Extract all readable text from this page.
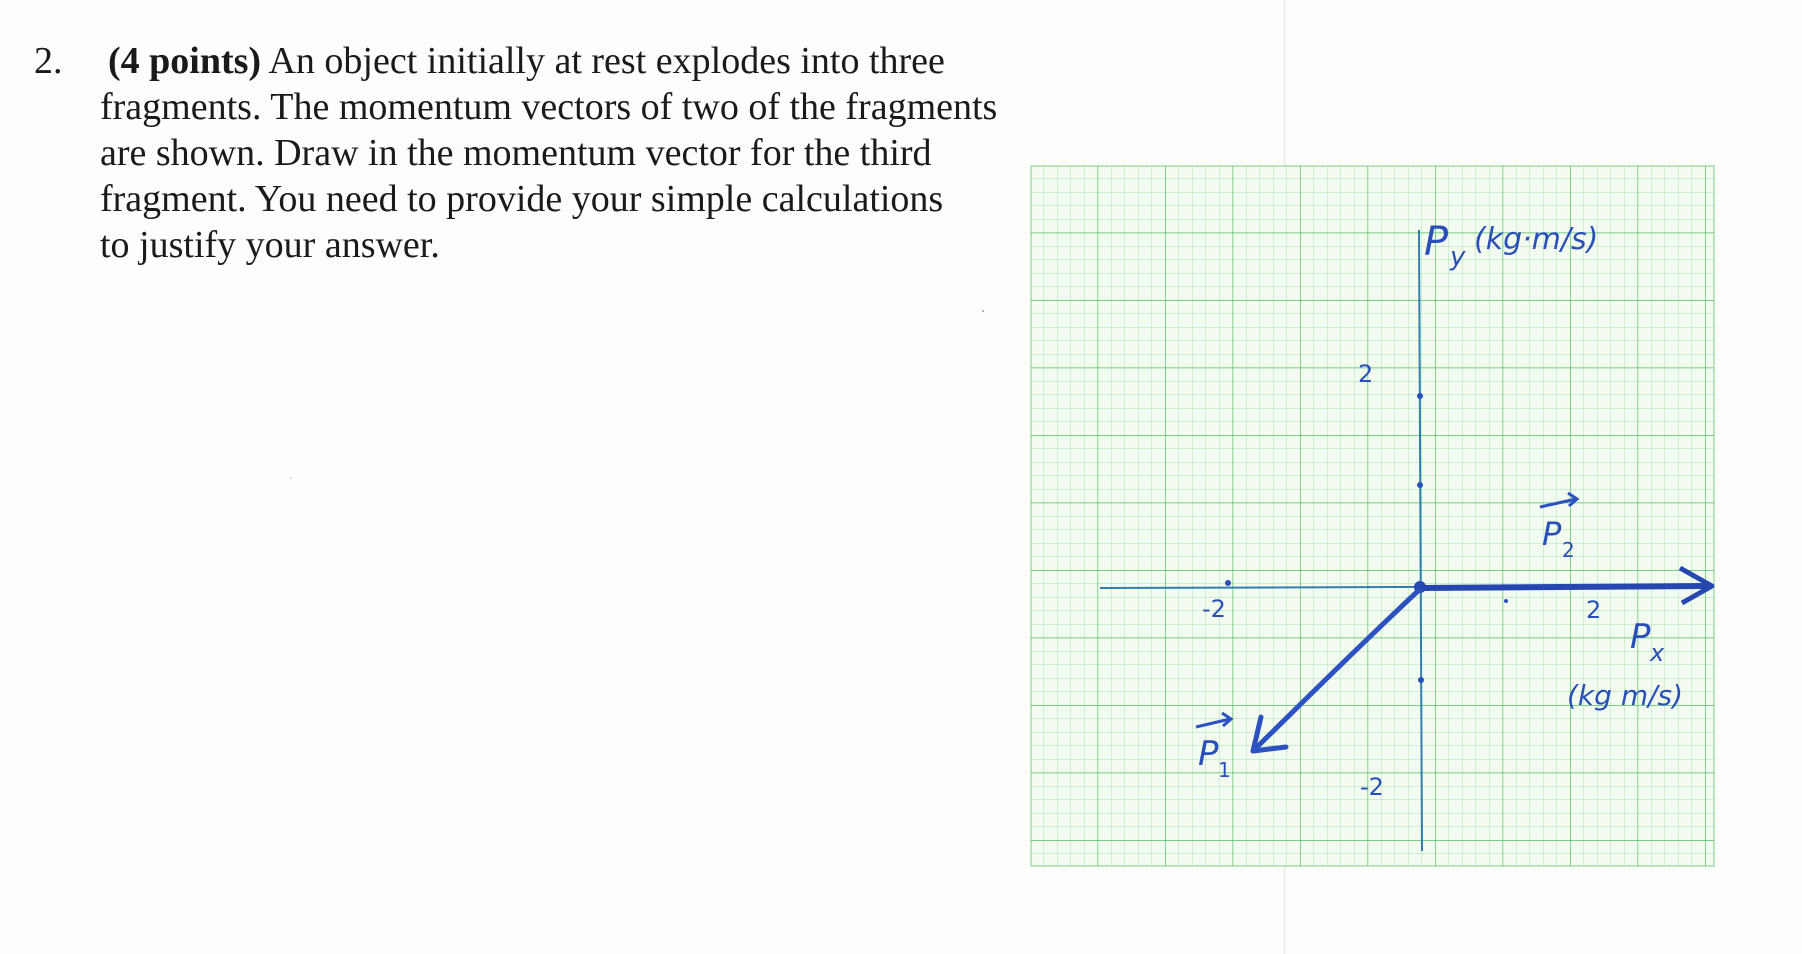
2. (4 points) An object initially at rest explodes into three
fragments. The momentum vectors of two of the fragments
are shown. Draw in the momentum vector for the third
fragment. You need to provide your simple calculations
to justify your answer.
2
-2
2
-2
P y (kg·m/s)
P x
(kg m/s)
P 1
P 2
